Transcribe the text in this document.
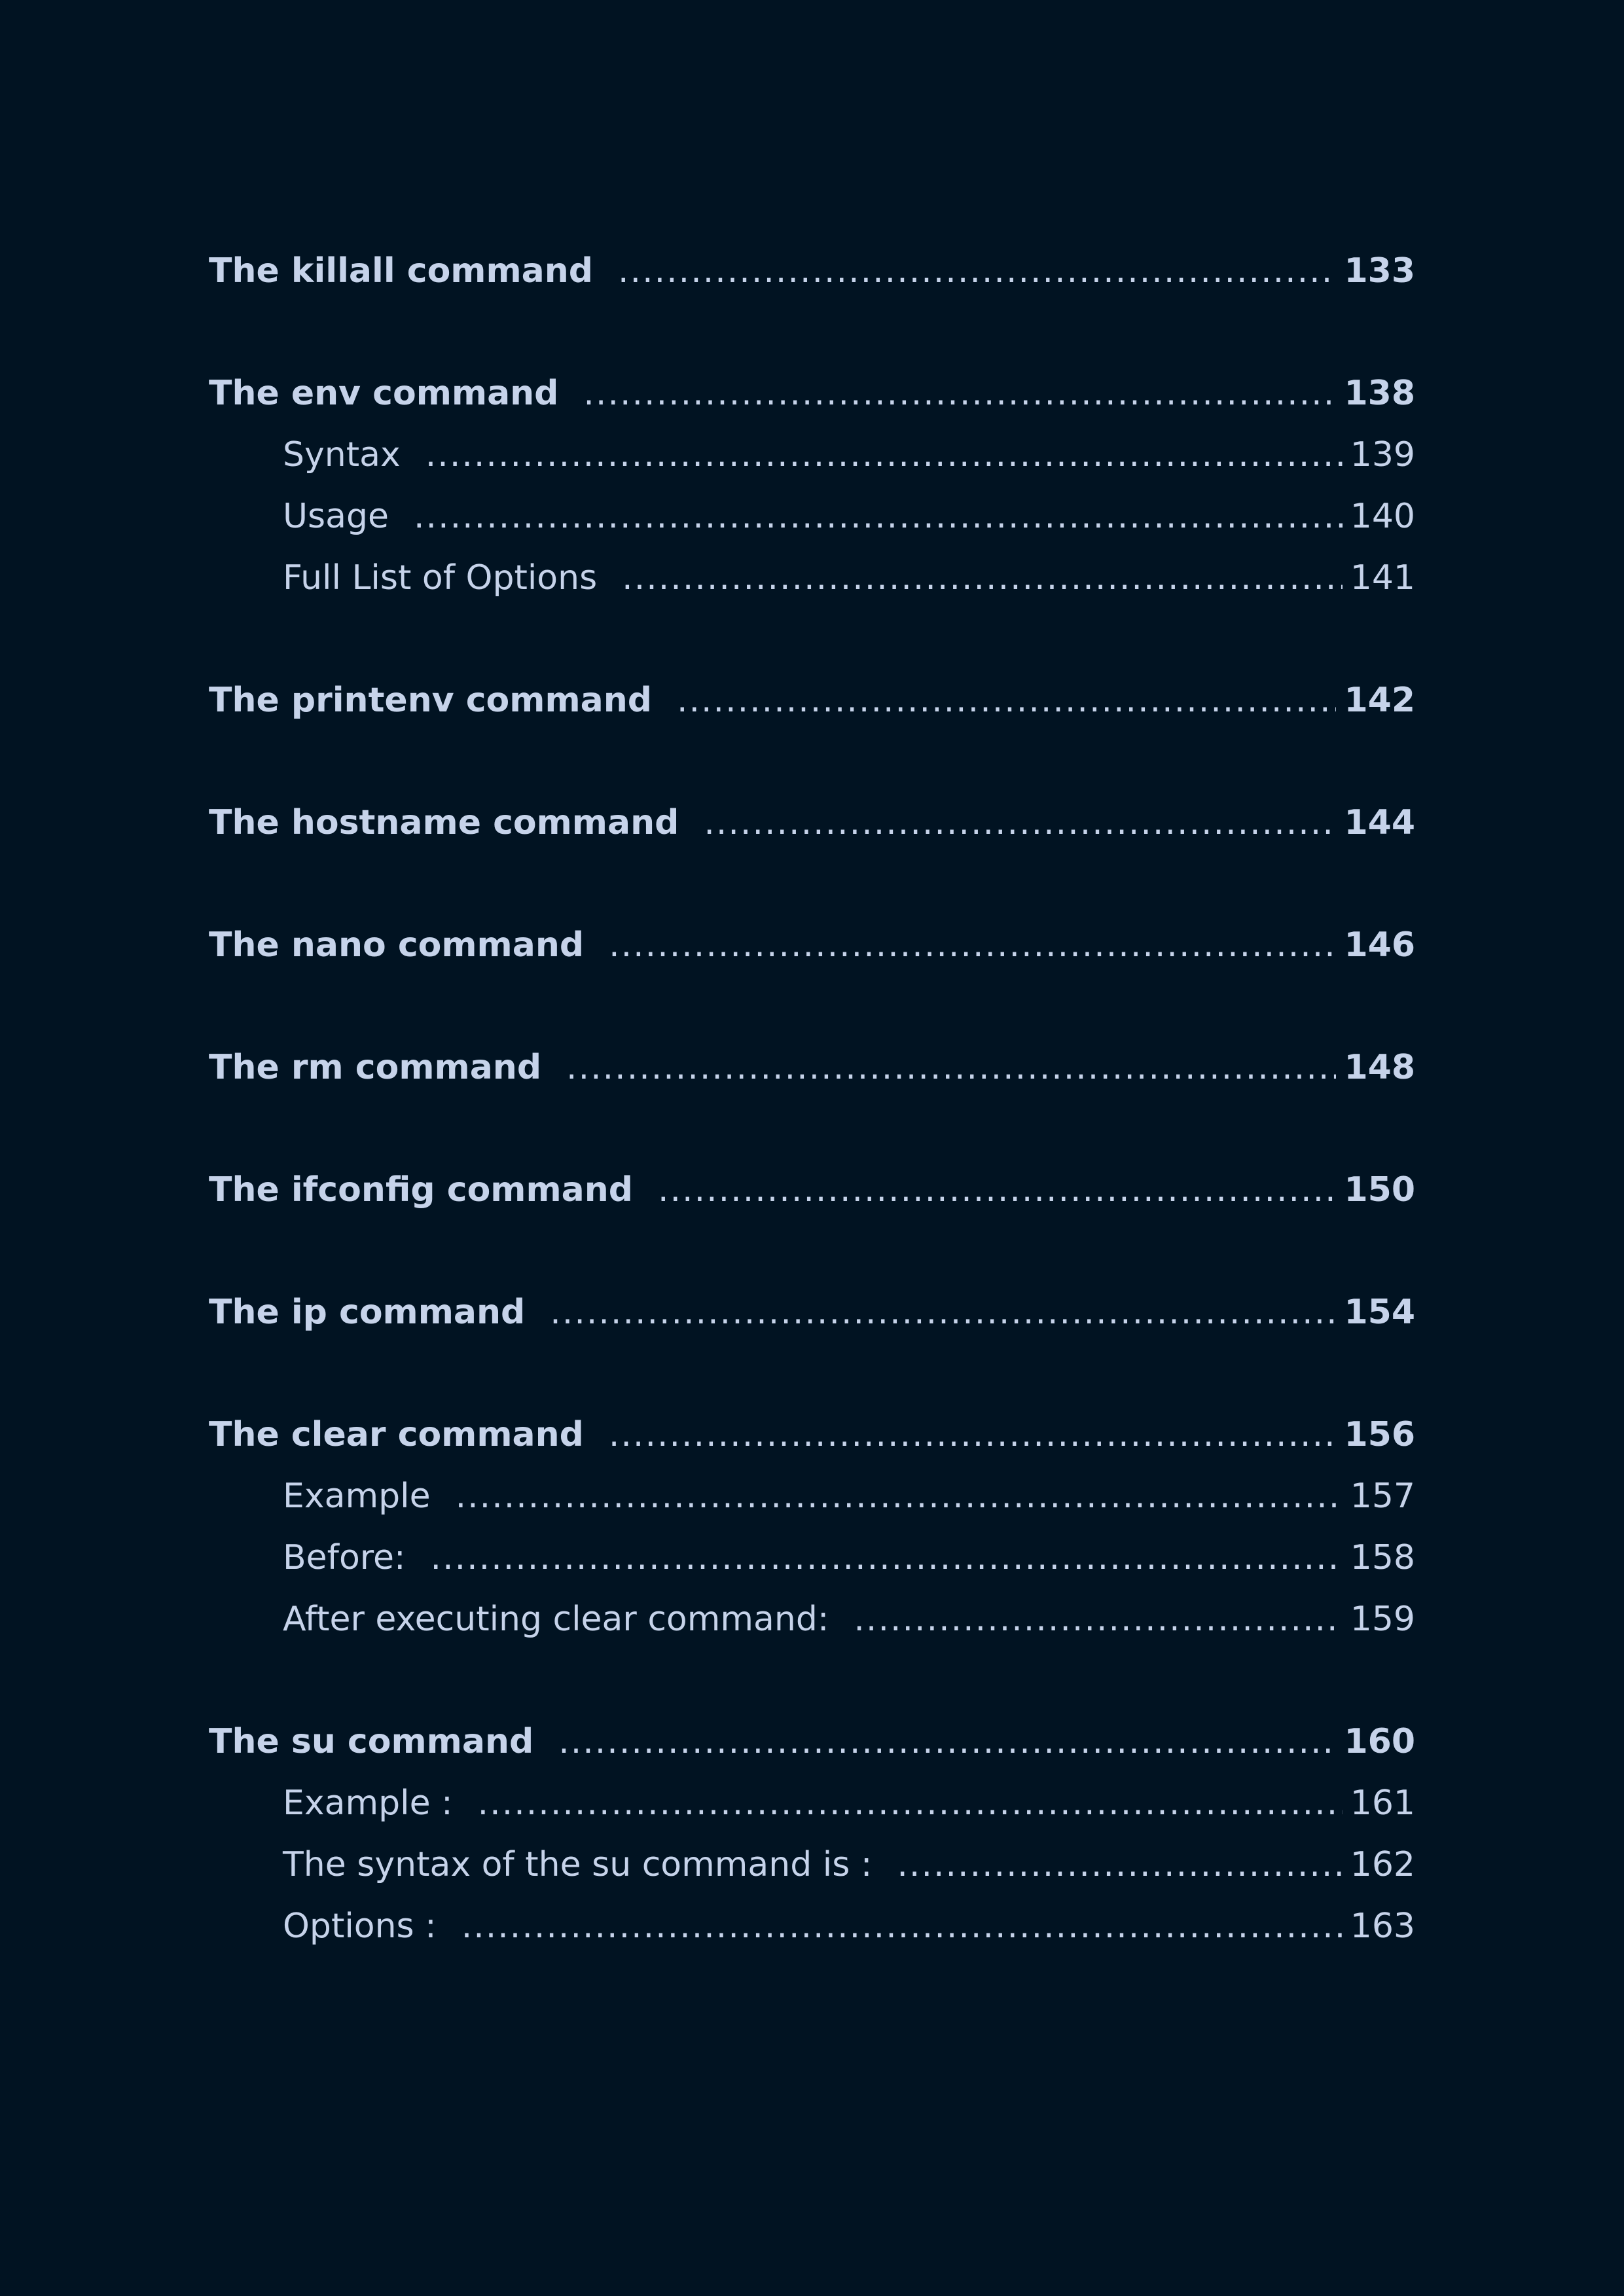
The killall command .....	133
The env command .....	138
Syntax .....	139
Usage .....	140
Full List of Options .....	141
The printenv command .....	142
The hostname command .....	144
The nano command .....	146
The rm command .....	148
The ifconfig command .....	150
The ip command .....	154
The clear command .....	156
Example .....	157
Before: .....	158
After executing clear command: .....	159
The su command .....	160
Example : .....	161
The syntax of the su command is : .....	162
Options : .....	163
